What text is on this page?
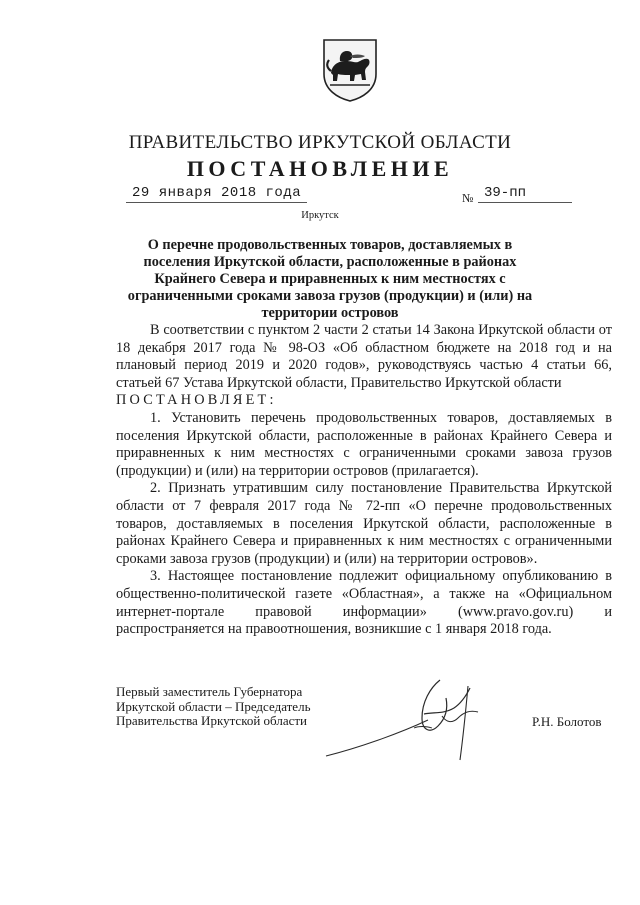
ПРАВИТЕЛЬСТВО ИРКУТСКОЙ ОБЛАСТИ
ПОСТАНОВЛЕНИЕ
29 января 2018 года	№ 39-пп
Иркутск
О перечне продовольственных товаров, доставляемых в поселения Иркутской области, расположенные в районах Крайнего Севера и приравненных к ним местностях с ограниченными сроками завоза грузов (продукции) и (или) на территории островов

В соответствии с пунктом 2 части 2 статьи 14 Закона Иркутской области от 18 декабря 2017 года № 98-ОЗ «Об областном бюджете на 2018 год и на плановый период 2019 и 2020 годов», руководствуясь частью 4 статьи 66, статьей 67 Устава Иркутской области, Правительство Иркутской области

ПОСТАНОВЛЯЕТ:

1. Установить перечень продовольственных товаров, доставляемых в поселения Иркутской области, расположенные в районах Крайнего Севера и приравненных к ним местностях с ограниченными сроками завоза грузов (продукции) и (или) на территории островов (прилагается).

2. Признать утратившим силу постановление Правительства Иркутской области от 7 февраля 2017 года № 72-пп «О перечне продовольственных товаров, доставляемых в поселения Иркутской области, расположенные в районах Крайнего Севера и приравненных к ним местностях с ограниченными сроками завоза грузов (продукции) и (или) на территории островов».

3. Настоящее постановление подлежит официальному опубликованию в общественно-политической газете «Областная», а также на «Официальном интернет-портале правовой информации» (www.pravo.gov.ru) и распространяется на правоотношения, возникшие с 1 января 2018 года.

Первый заместитель Губернатора
Иркутской области – Председатель
Правительства Иркутской области	Р.Н. Болотов
